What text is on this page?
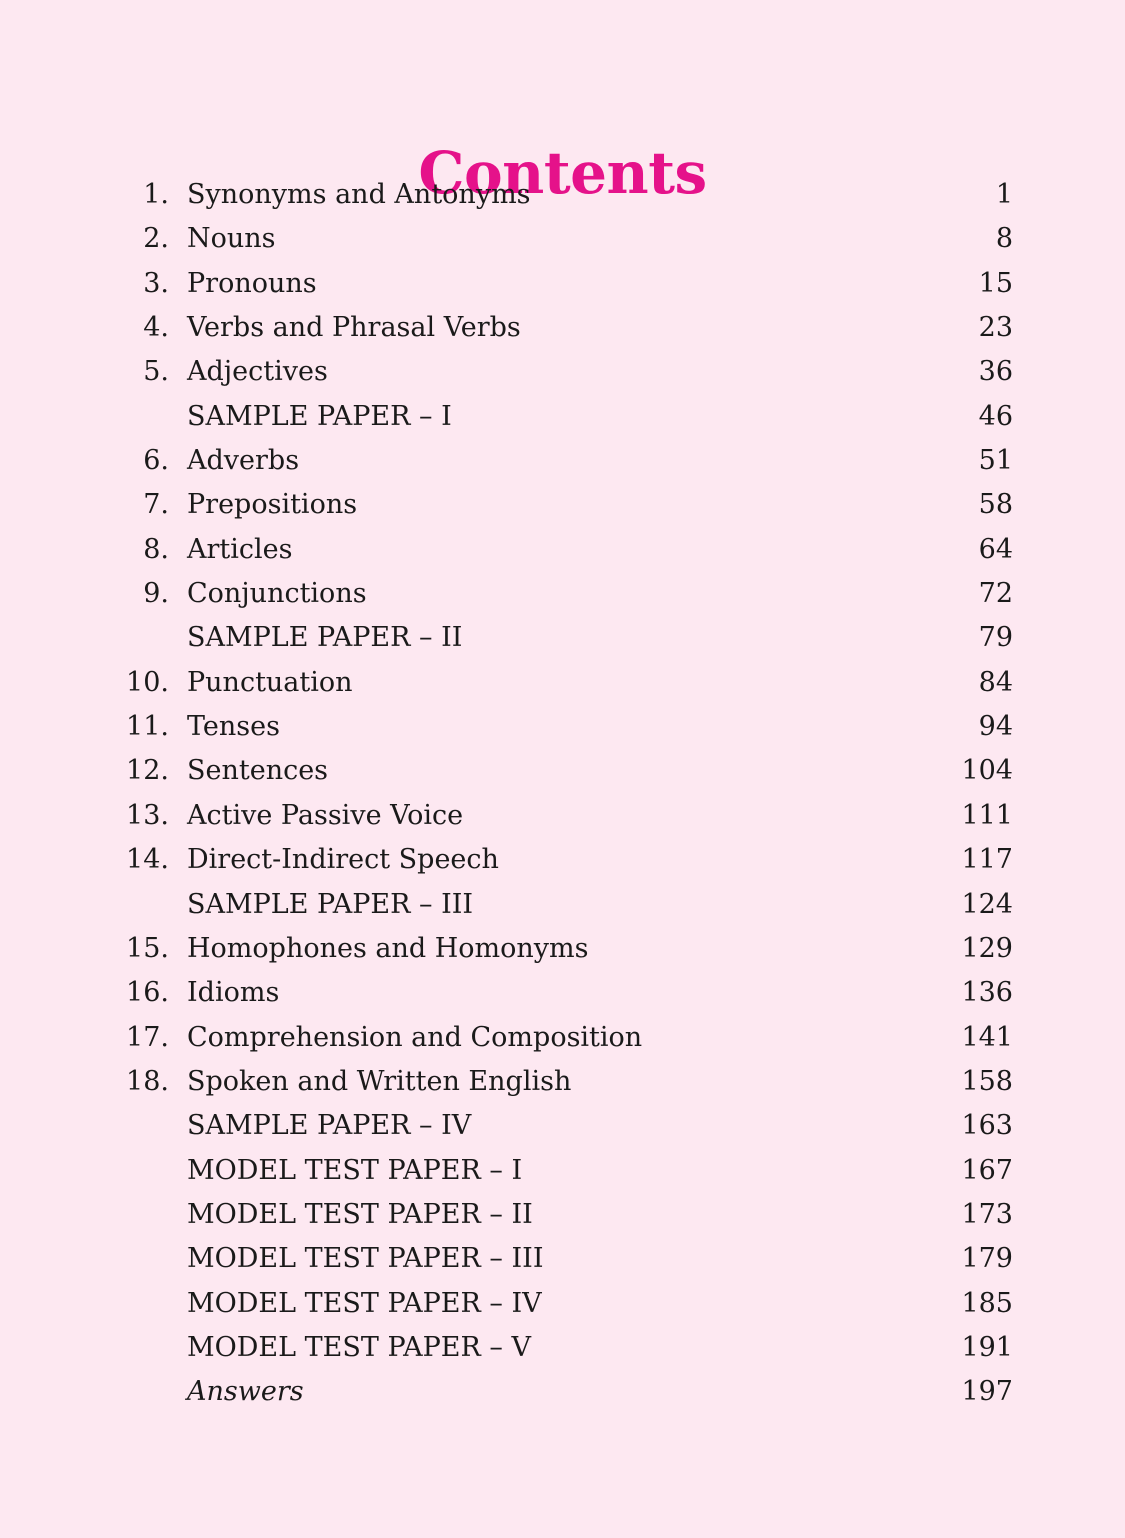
Contents
1. Synonyms and Antonyms	1
2. Nouns	8
3. Pronouns	15
4. Verbs and Phrasal Verbs	23
5. Adjectives	36
SAMPLE PAPER – I	46
6. Adverbs	51
7. Prepositions	58
8. Articles	64
9. Conjunctions	72
SAMPLE PAPER – II	79
10. Punctuation	84
11. Tenses	94
12. Sentences	104
13. Active Passive Voice	111
14. Direct-Indirect Speech	117
SAMPLE PAPER – III	124
15. Homophones and Homonyms	129
16. Idioms	136
17. Comprehension and Composition	141
18. Spoken and Written English	158
SAMPLE PAPER – IV	163
MODEL TEST PAPER – I	167
MODEL TEST PAPER – II	173
MODEL TEST PAPER – III	179
MODEL TEST PAPER – IV	185
MODEL TEST PAPER – V	191
Answers	197
